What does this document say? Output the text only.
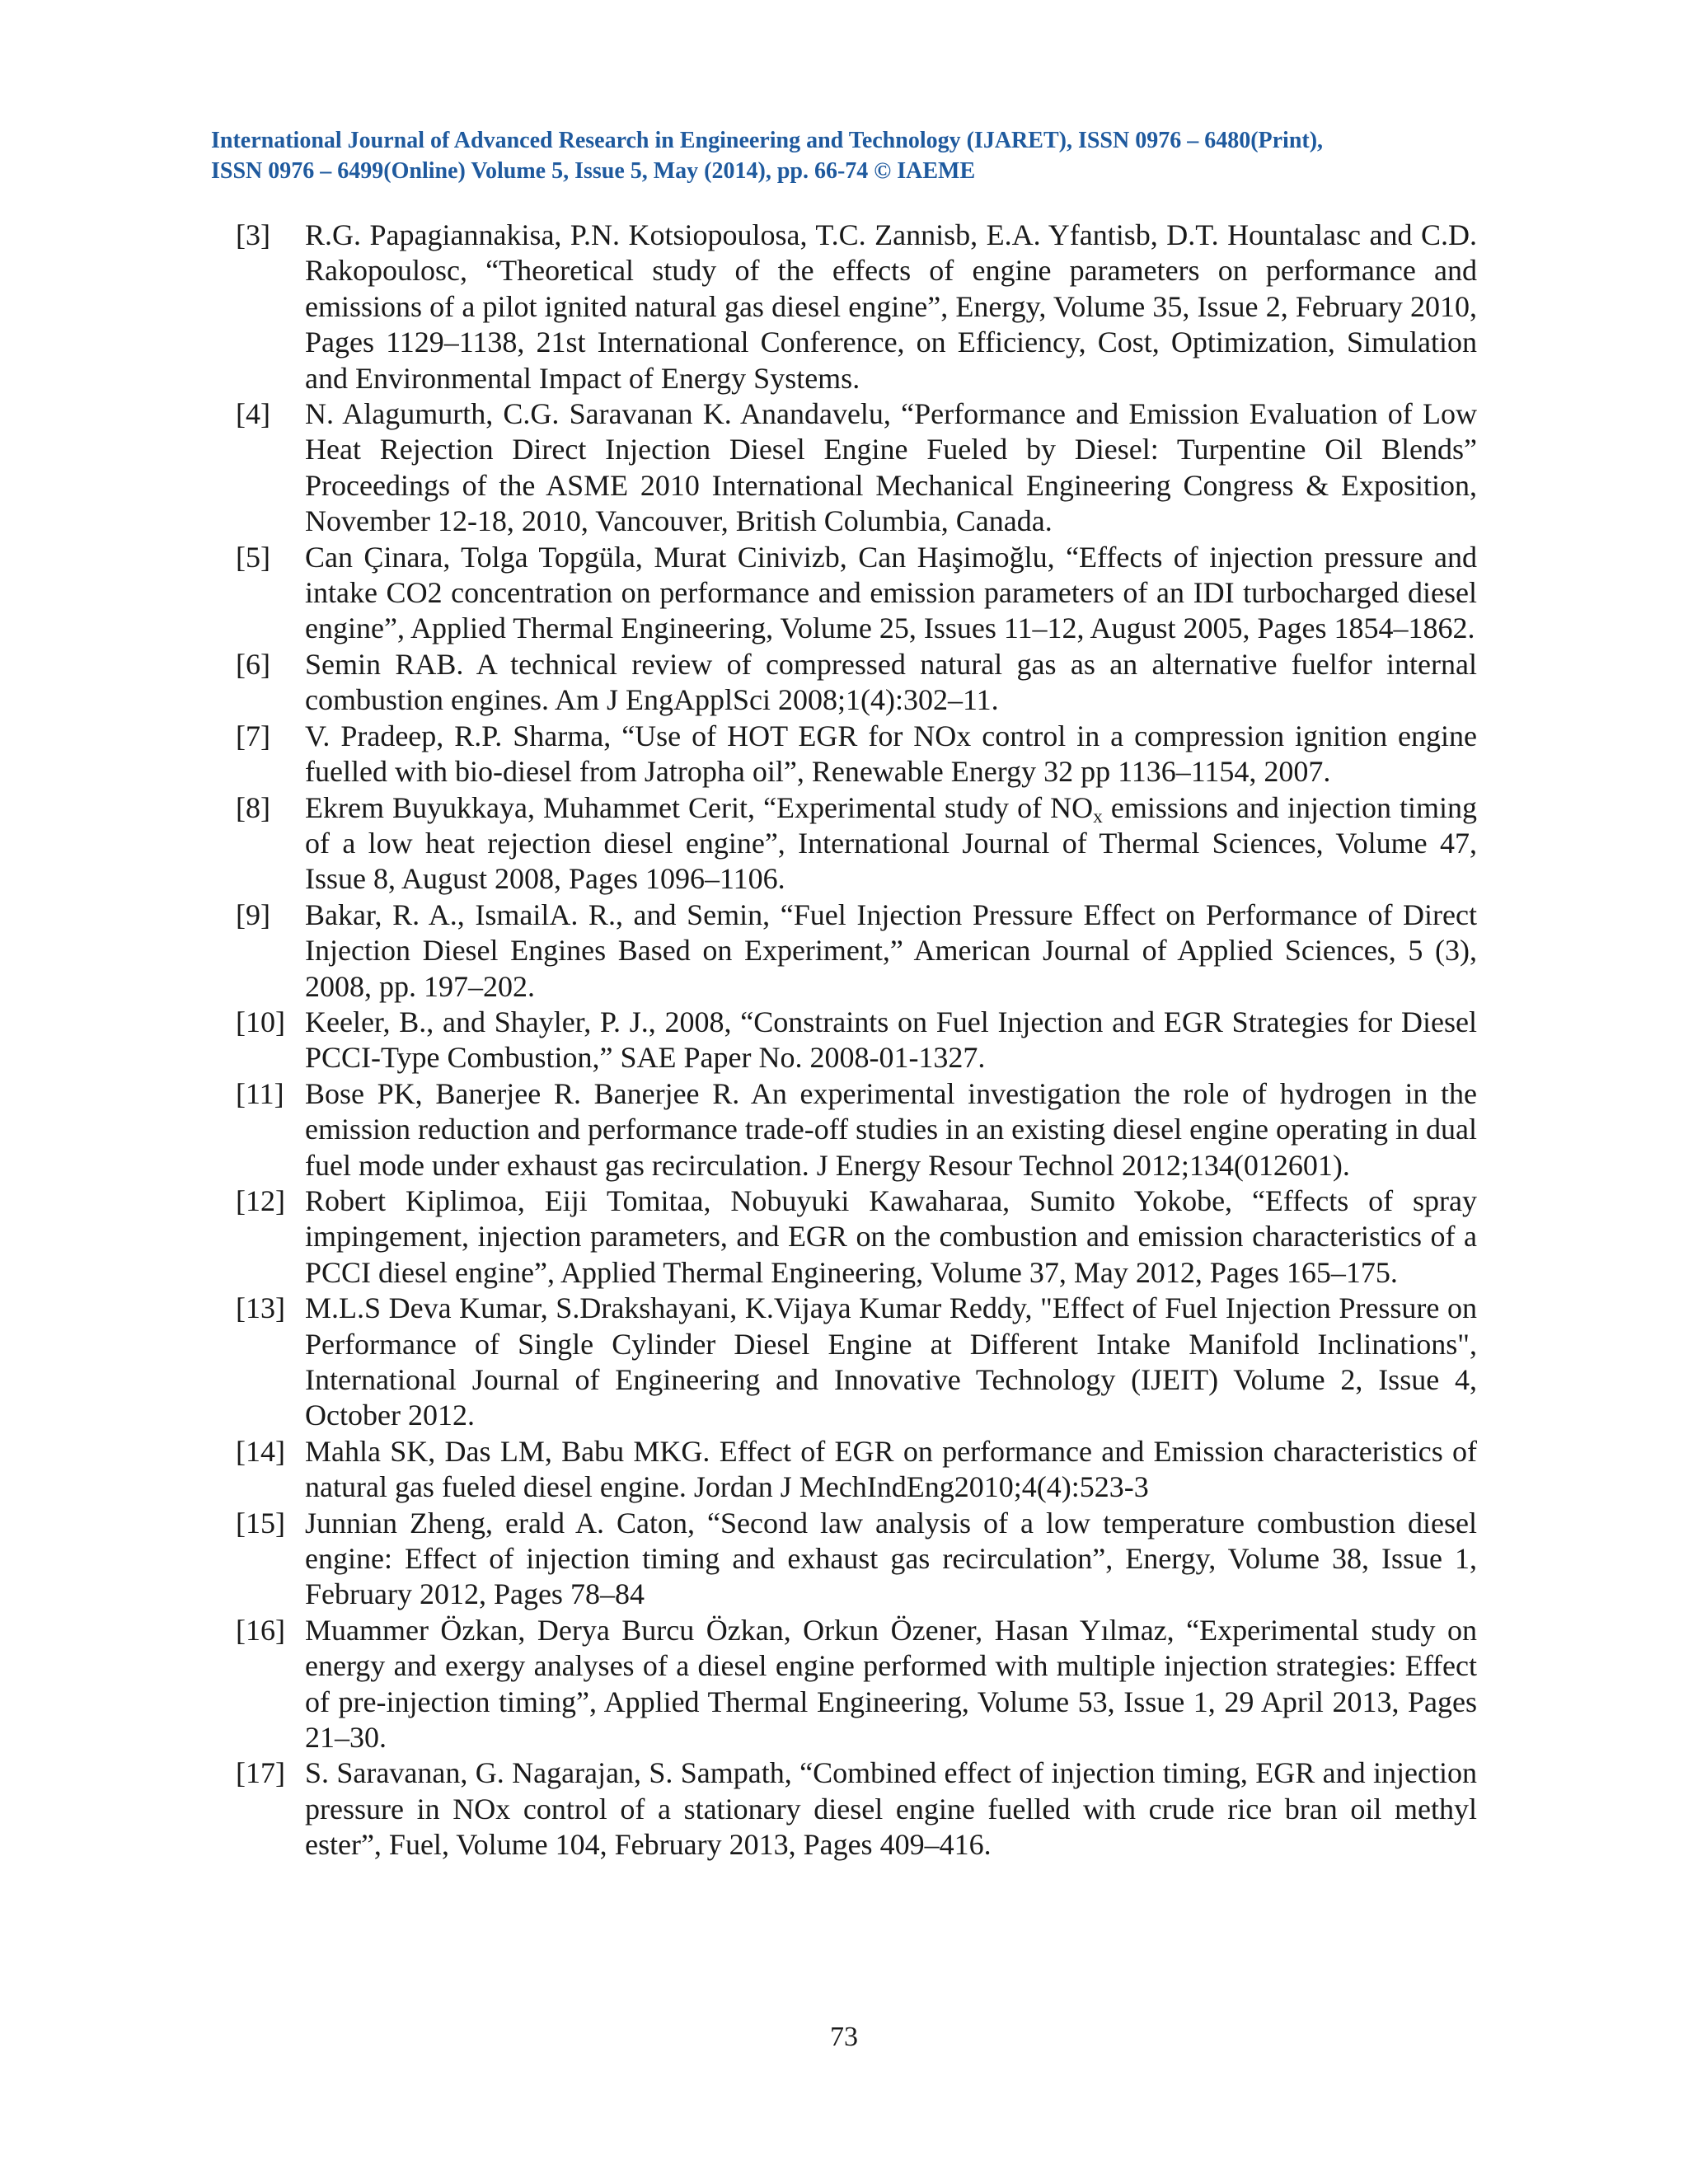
International Journal of Advanced Research in Engineering and Technology (IJARET), ISSN 0976 – 6480(Print),
ISSN 0976 – 6499(Online) Volume 5, Issue 5, May (2014), pp. 66-74 © IAEME
[3]	R.G. Papagiannakisa, P.N. Kotsiopoulosa, T.C. Zannisb, E.A. Yfantisb, D.T. Hountalasc and C.D. Rakopoulosc, “Theoretical study of the effects of engine parameters on performance and emissions of a pilot ignited natural gas diesel engine”, Energy, Volume 35, Issue 2, February 2010, Pages 1129–1138, 21st International Conference, on Efficiency, Cost, Optimization, Simulation and Environmental Impact of Energy Systems.

[4]	N. Alagumurth, C.G. Saravanan K. Anandavelu, “Performance and Emission Evaluation of Low Heat Rejection Direct Injection Diesel Engine Fueled by Diesel: Turpentine Oil Blends” Proceedings of the ASME 2010 International Mechanical Engineering Congress & Exposition, November 12-18, 2010, Vancouver, British Columbia, Canada.

[5]	Can Çinara, Tolga Topgüla, Murat Cinivizb, Can Haşimoğlu, “Effects of injection pressure and intake CO2 concentration on performance and emission parameters of an IDI turbocharged diesel engine”, Applied Thermal Engineering, Volume 25, Issues 11–12, August 2005, Pages 1854–1862.

[6]	Semin RAB. A technical review of compressed natural gas as an alternative fuelfor internal combustion engines. Am J EngApplSci 2008;1(4):302–11.

[7]	V. Pradeep, R.P. Sharma, “Use of HOT EGR for NOx control in a compression ignition engine fuelled with bio-diesel from Jatropha oil”, Renewable Energy 32 pp 1136–1154, 2007.

[8]	Ekrem Buyukkaya, Muhammet Cerit, “Experimental study of $NO_x$ emissions and injection timing of a low heat rejection diesel engine”, International Journal of Thermal Sciences, Volume 47, Issue 8, August 2008, Pages 1096–1106.

[9]	Bakar, R. A., IsmailA. R., and Semin, “Fuel Injection Pressure Effect on Performance of Direct Injection Diesel Engines Based on Experiment,” American Journal of Applied Sciences, 5 (3), 2008, pp. 197–202.

[10] Keeler, B., and Shayler, P. J., 2008, “Constraints on Fuel Injection and EGR Strategies for Diesel PCCI-Type Combustion,” SAE Paper No. 2008-01-1327.

[11] Bose PK, Banerjee R. Banerjee R. An experimental investigation the role of hydrogen in the emission reduction and performance trade-off studies in an existing diesel engine operating in dual fuel mode under exhaust gas recirculation. J Energy Resour Technol 2012;134(012601).

[12] Robert Kiplimoa, Eiji Tomitaa, Nobuyuki Kawaharaa, Sumito Yokobe, “Effects of spray impingement, injection parameters, and EGR on the combustion and emission characteristics of a PCCI diesel engine”, Applied Thermal Engineering, Volume 37, May 2012, Pages 165–175.

[13] M.L.S Deva Kumar, S.Drakshayani, K.Vijaya Kumar Reddy, "Effect of Fuel Injection Pressure on Performance of Single Cylinder Diesel Engine at Different Intake Manifold Inclinations", International Journal of Engineering and Innovative Technology (IJEIT) Volume 2, Issue 4, October 2012.

[14] Mahla SK, Das LM, Babu MKG. Effect of EGR on performance and Emission characteristics of natural gas fueled diesel engine. Jordan J MechIndEng2010;4(4):523-3

[15] Junnian Zheng, erald A. Caton, “Second law analysis of a low temperature combustion diesel engine: Effect of injection timing and exhaust gas recirculation”, Energy, Volume 38, Issue 1, February 2012, Pages 78–84

[16] Muammer Özkan, Derya Burcu Özkan, Orkun Özener, Hasan Yılmaz, “Experimental study on energy and exergy analyses of a diesel engine performed with multiple injection strategies: Effect of pre-injection timing”, Applied Thermal Engineering, Volume 53, Issue 1, 29 April 2013, Pages 21–30.

[17] S. Saravanan, G. Nagarajan, S. Sampath, “Combined effect of injection timing, EGR and injection pressure in NOx control of a stationary diesel engine fuelled with crude rice bran oil methyl ester”, Fuel, Volume 104, February 2013, Pages 409–416.

73
